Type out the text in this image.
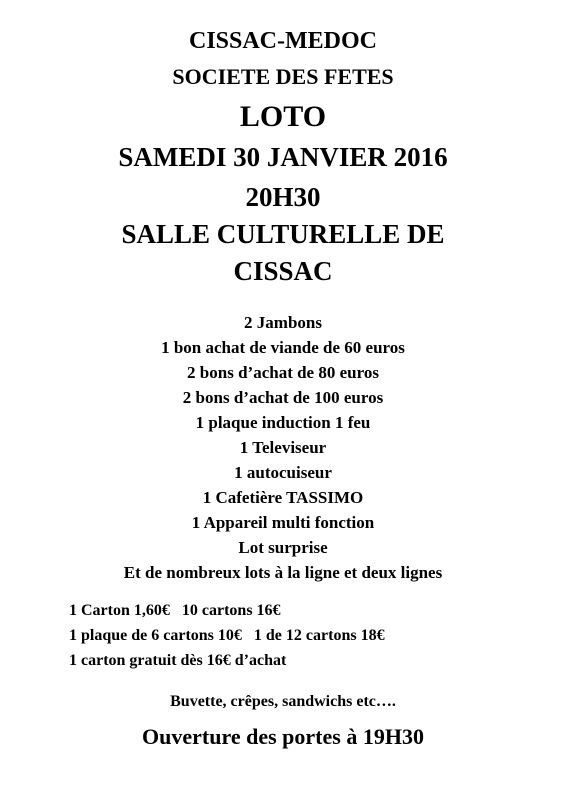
CISSAC-MEDOC
SOCIETE DES FETES
LOTO
SAMEDI 30 JANVIER 2016
20H30
SALLE CULTURELLE DE
CISSAC
2 Jambons
1 bon achat de viande de 60 euros
2 bons d’achat de 80 euros
2 bons d’achat de 100 euros
1 plaque induction 1 feu
1 Televiseur
1 autocuiseur
1 Cafetière TASSIMO
1 Appareil multi fonction
Lot surprise
Et de nombreux lots à la ligne et deux lignes
1 Carton 1,60€ 10 cartons 16€
1 plaque de 6 cartons 10€ 1 de 12 cartons 18€
1 carton gratuit dès 16€ d’achat
Buvette, crêpes, sandwichs etc….
Ouverture des portes à 19H30
